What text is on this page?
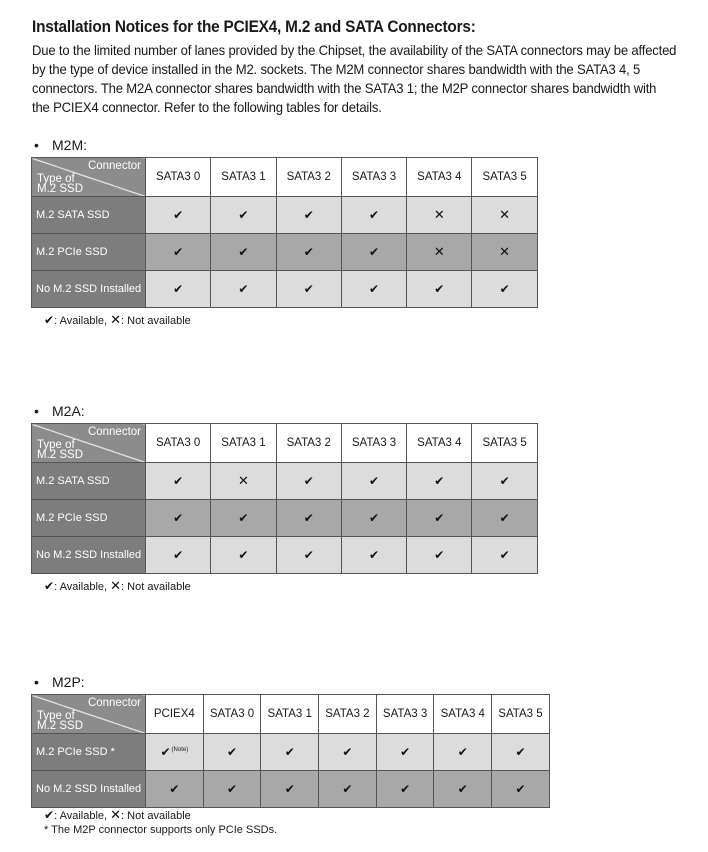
Installation Notices for the PCIEX4, M.2 and SATA Connectors:
Due to the limited number of lanes provided by the Chipset, the availability of the SATA connectors may be affected
by the type of device installed in the M2. sockets. The M2M connector shares bandwidth with the SATA3 4, 5
connectors. The M2A connector shares bandwidth with the SATA3 1; the M2P connector shares bandwidth with
the PCIEX4 connector. Refer to the following tables for details.
• M2M:
Connector
Type of
M.2 SSD	SATA3 0	SATA3 1	SATA3 2	SATA3 3	SATA3 4	SATA3 5
M.2 SATA SSD	✔	✔	✔	✔	✕	✕
M.2 PCIe SSD	✔	✔	✔	✔	✕	✕
No M.2 SSD Installed	✔	✔	✔	✔	✔	✔
✔: Available, ✕: Not available
• M2A:
Connector
Type of
M.2 SSD	SATA3 0	SATA3 1	SATA3 2	SATA3 3	SATA3 4	SATA3 5
M.2 SATA SSD	✔	✕	✔	✔	✔	✔
M.2 PCIe SSD	✔	✔	✔	✔	✔	✔
No M.2 SSD Installed	✔	✔	✔	✔	✔	✔
✔: Available, ✕: Not available
• M2P:
Connector
Type of
M.2 SSD	PCIEX4	SATA3 0	SATA3 1	SATA3 2	SATA3 3	SATA3 4	SATA3 5
M.2 PCIe SSD *	✔$^{(Note)}$	✔	✔	✔	✔	✔	✔
No M.2 SSD Installed	✔	✔	✔	✔	✔	✔	✔
✔: Available, ✕: Not available
* The M2P connector supports only PCIe SSDs.
